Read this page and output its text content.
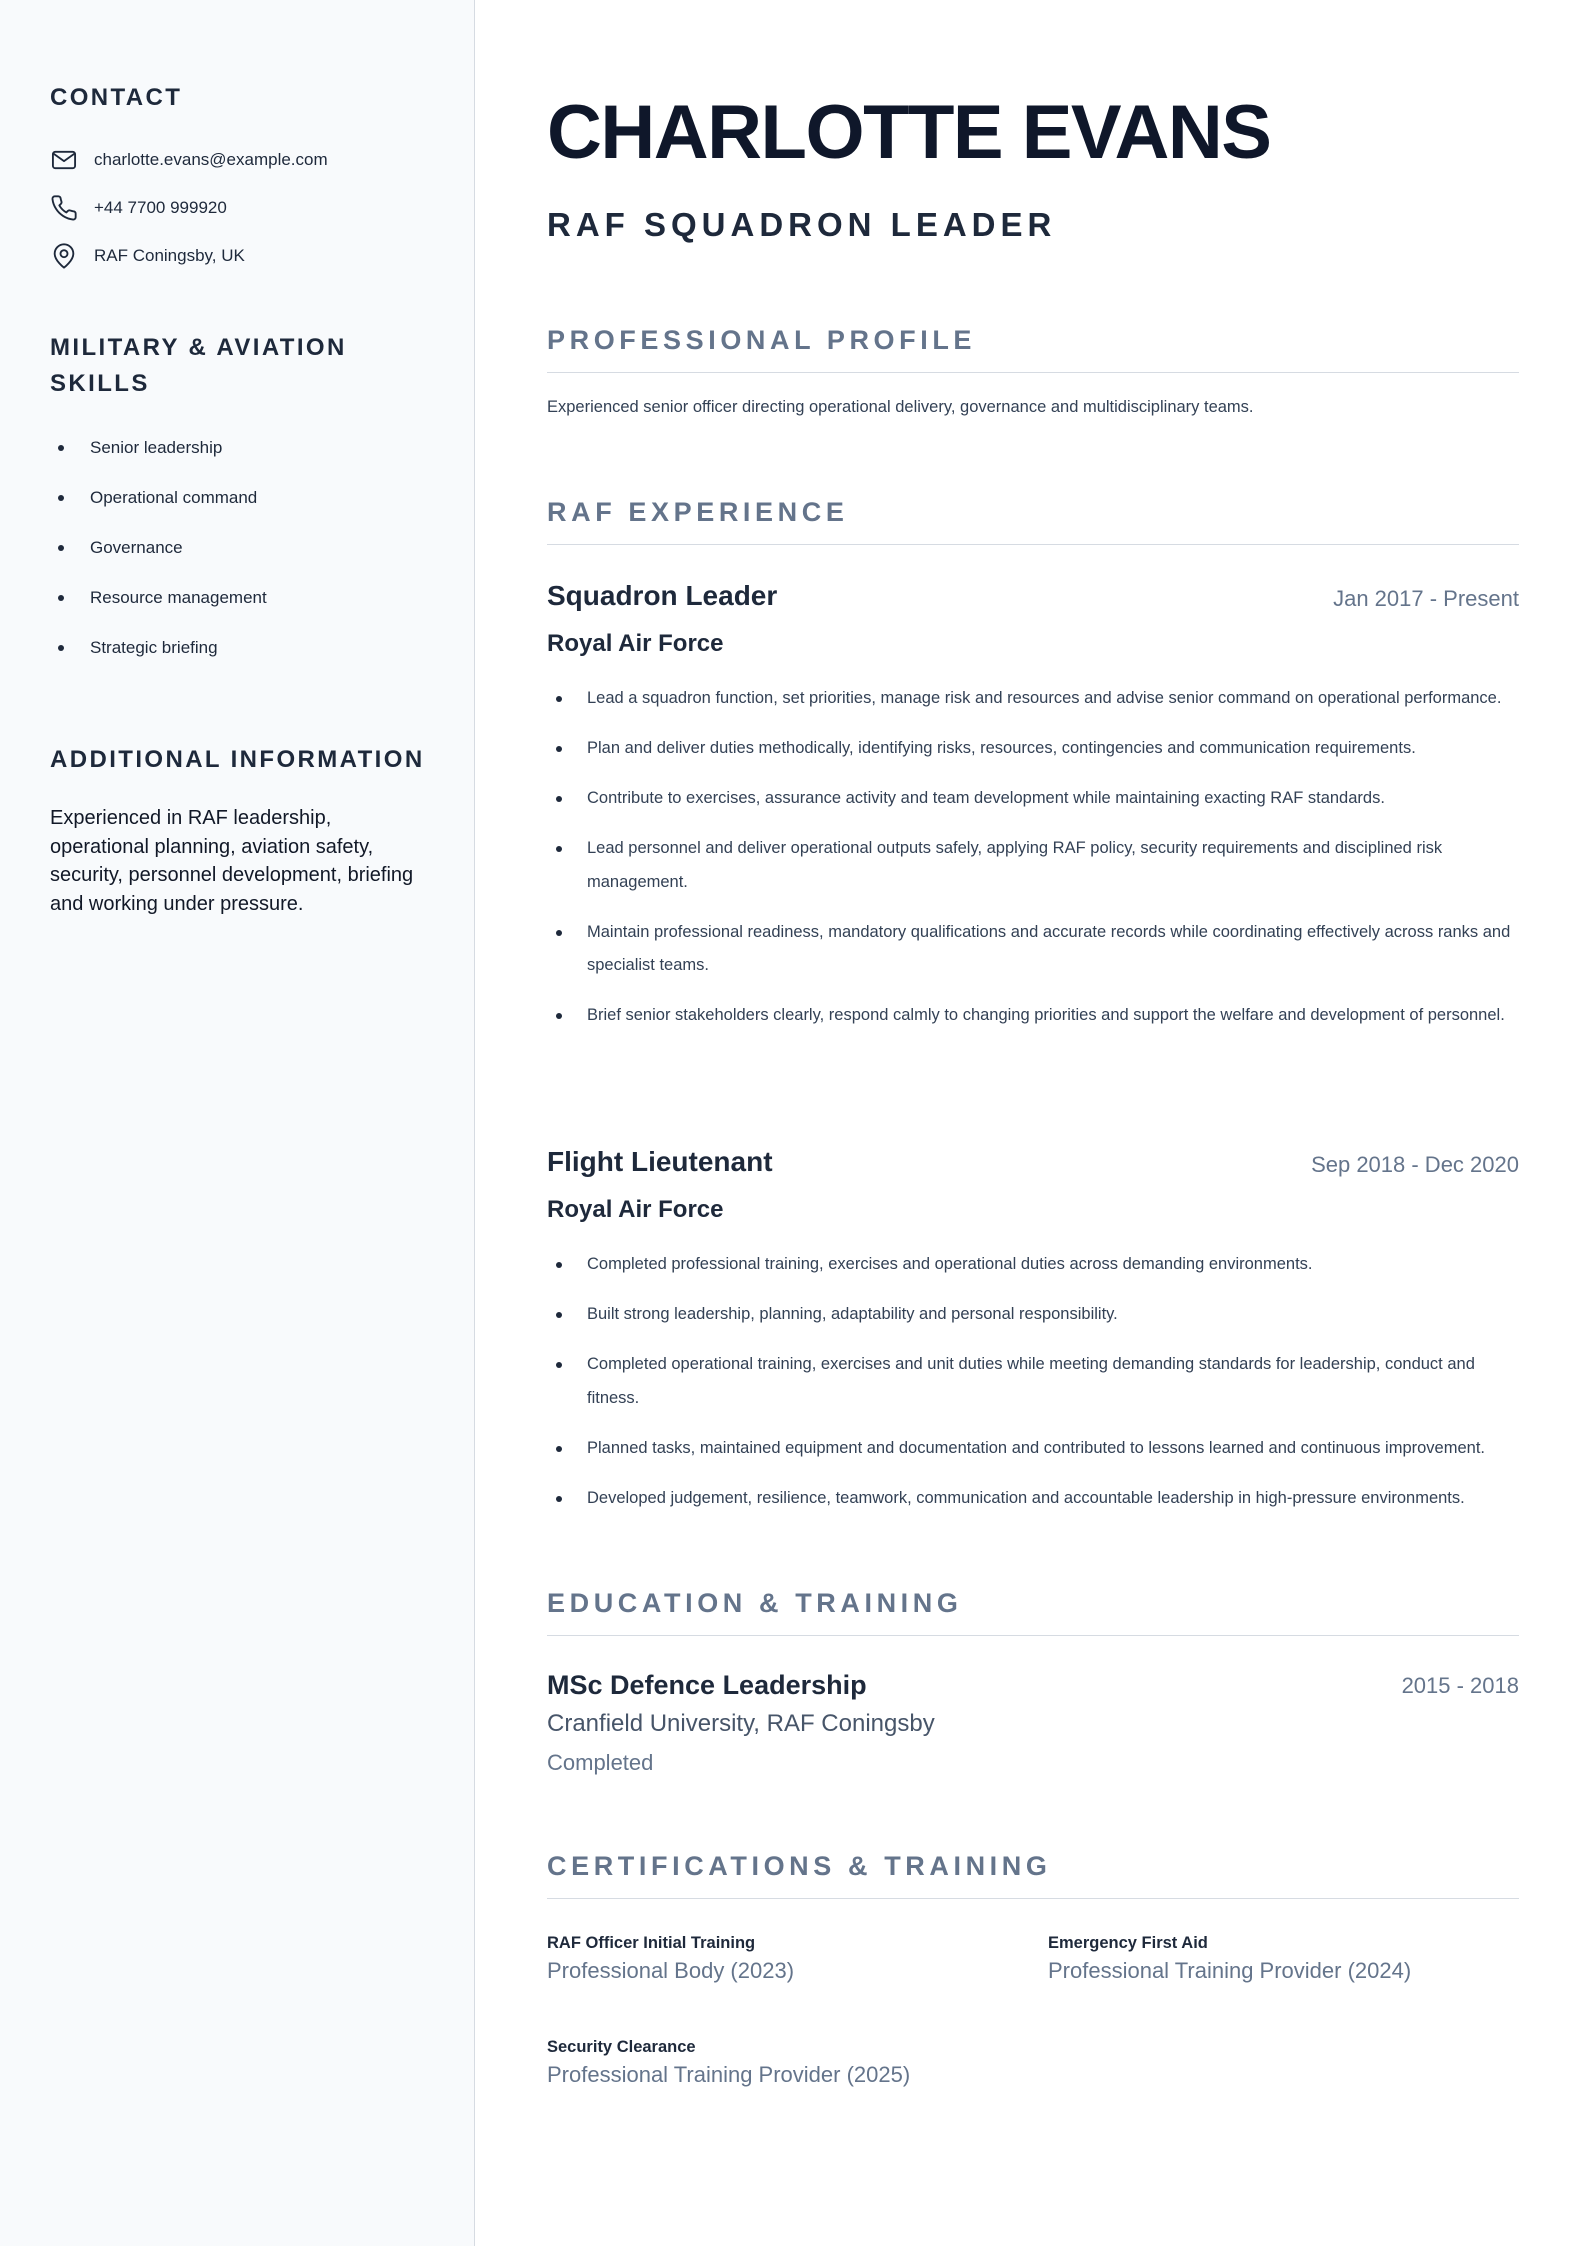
CONTACT
charlotte.evans@example.com
+44 7700 999920
RAF Coningsby, UK
MILITARY & AVIATION SKILLS
Senior leadership
Operational command
Governance
Resource management
Strategic briefing
ADDITIONAL INFORMATION

Experienced in RAF leadership, operational planning, aviation safety, security, personnel development, briefing and working under pressure.

CHARLOTTE EVANS
RAF SQUADRON LEADER
PROFESSIONAL PROFILE

Experienced senior officer directing operational delivery, governance and multidisciplinary teams.

RAF EXPERIENCE
Squadron Leader	Jan 2017 - Present
Royal Air Force
Lead a squadron function, set priorities, manage risk and resources and advise senior command on operational performance.
Plan and deliver duties methodically, identifying risks, resources, contingencies and communication requirements.
Contribute to exercises, assurance activity and team development while maintaining exacting RAF standards.
Lead personnel and deliver operational outputs safely, applying RAF policy, security requirements and disciplined risk management.
Maintain professional readiness, mandatory qualifications and accurate records while coordinating effectively across ranks and specialist teams.
Brief senior stakeholders clearly, respond calmly to changing priorities and support the welfare and development of personnel.
Flight Lieutenant	Sep 2018 - Dec 2020
Royal Air Force
Completed professional training, exercises and operational duties across demanding environments.
Built strong leadership, planning, adaptability and personal responsibility.
Completed operational training, exercises and unit duties while meeting demanding standards for leadership, conduct and fitness.
Planned tasks, maintained equipment and documentation and contributed to lessons learned and continuous improvement.
Developed judgement, resilience, teamwork, communication and accountable leadership in high-pressure environments.
EDUCATION & TRAINING
MSc Defence Leadership	2015 - 2018
Cranfield University, RAF Coningsby
Completed
CERTIFICATIONS & TRAINING
RAF Officer Initial Training
Professional Body (2023)
Emergency First Aid
Professional Training Provider (2024)
Security Clearance
Professional Training Provider (2025)
